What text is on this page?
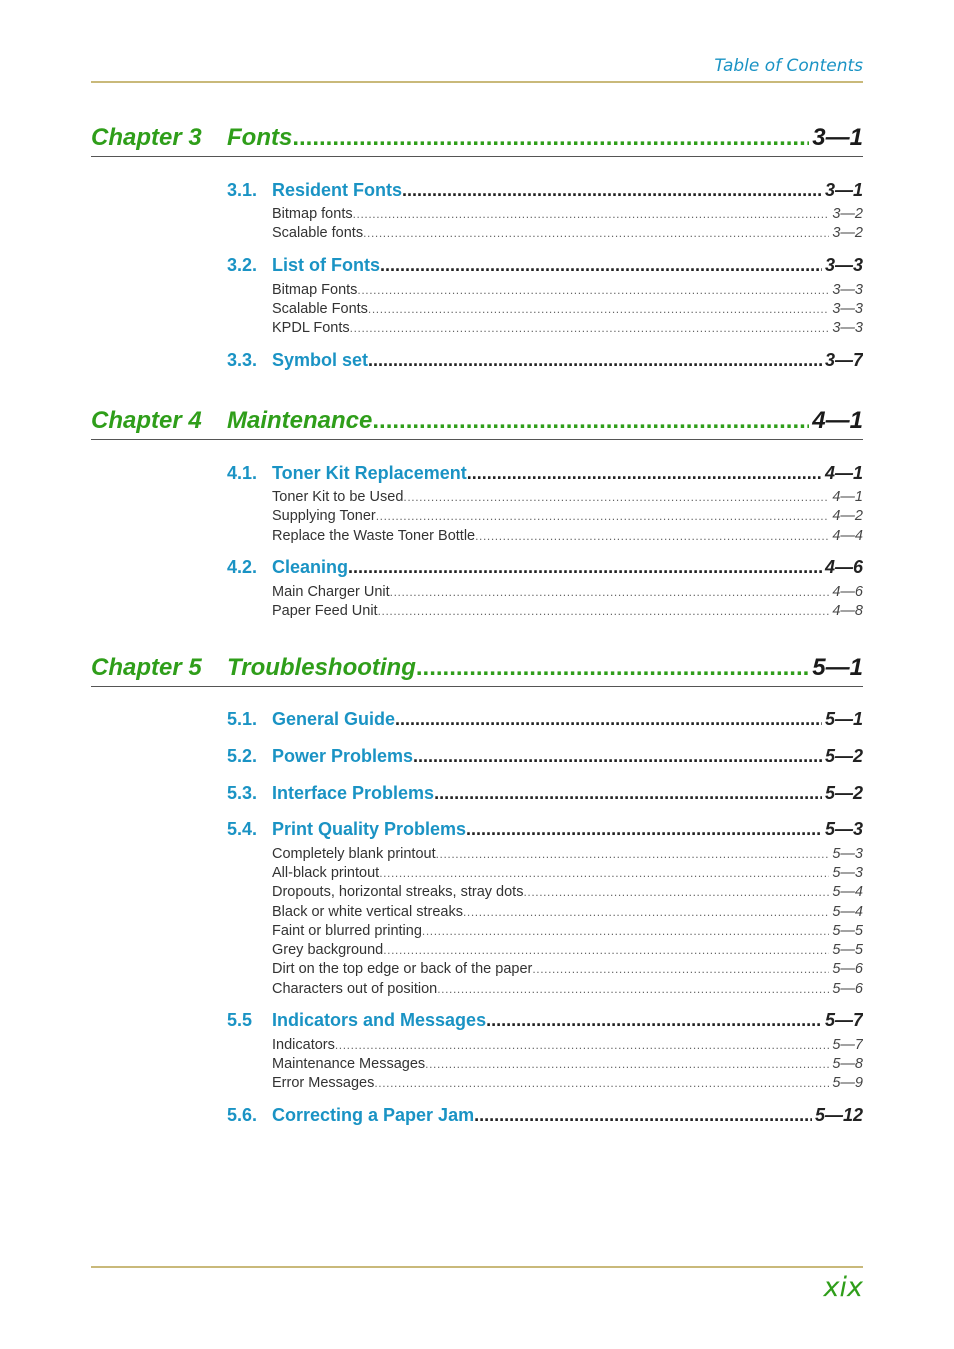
Table of Contents
Chapter 3	Fonts .....	3—1
3.1. Resident Fonts .....	3—1
Bitmap fonts .....	3—2
Scalable fonts .....	3—2
3.2. List of Fonts .....	3—3
Bitmap Fonts .....	3—3
Scalable Fonts .....	3—3
KPDL Fonts .....	3—3
3.3. Symbol set .....	3—7
Chapter 4	Maintenance .....	4—1
4.1. Toner Kit Replacement .....	4—1
Toner Kit to be Used .....	4—1
Supplying Toner .....	4—2
Replace the Waste Toner Bottle .....	4—4
4.2. Cleaning .....	4—6
Main Charger Unit .....	4—6
Paper Feed Unit .....	4—8
Chapter 5	Troubleshooting .....	5—1
5.1. General Guide .....	5—1
5.2. Power Problems .....	5—2
5.3. Interface Problems .....	5—2
5.4. Print Quality Problems .....	5—3
Completely blank printout .....	5—3
All-black printout .....	5—3
Dropouts, horizontal streaks, stray dots .....	5—4
Black or white vertical streaks .....	5—4
Faint or blurred printing .....	5—5
Grey background .....	5—5
Dirt on the top edge or back of the paper .....	5—6
Characters out of position .....	5—6
5.5 Indicators and Messages .....	5—7
Indicators .....	5—7
Maintenance Messages .....	5—8
Error Messages .....	5—9
5.6. Correcting a Paper Jam .....	5—12
xix
